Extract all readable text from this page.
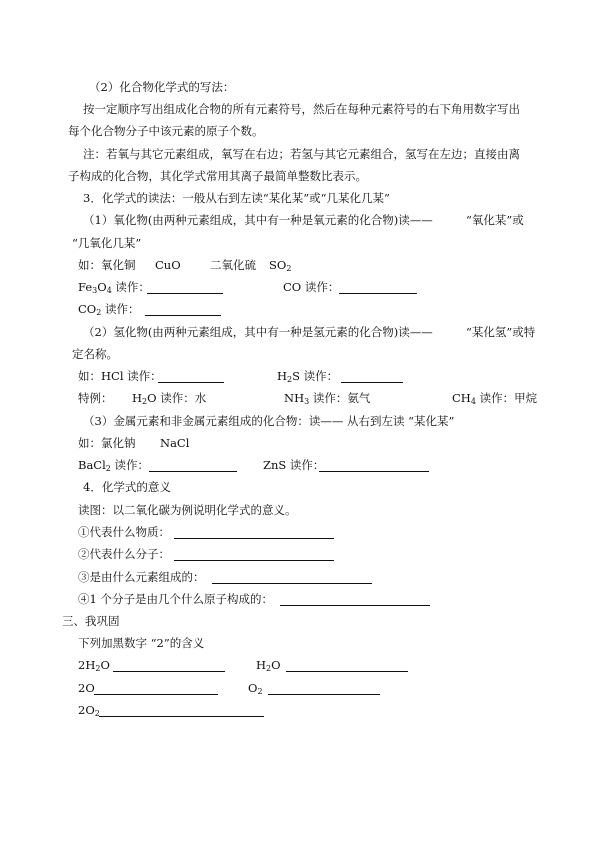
（2）化合物化学式的写法：
按一定顺序写出组成化合物的所有元素符号，然后在每种元素符号的右下角用数字写出
每个化合物分子中该元素的原子个数。
注：若氧与其它元素组成，氧写在右边；若氢与其它元素组合，氢写在左边；直接由离
子构成的化合物，其化学式常用其离子最简单整数比表示。
3．化学式的读法：一般从右到左读“某化某”或“几某化几某”
（1）氧化物(由两种元素组成，其中有一种是氧元素的化合物)读——	“氧化某”或
“几氧化几某”
如：氧化铜 CuO	二氧化硫 $SO_2$
$Fe_3O_4$ 读作：	CO 读作：
$CO_2$ 读作：
（2）氢化物(由两种元素组成，其中有一种是氢元素的化合物)读——	“某化氢”或特
定名称。
如：HCl 读作：	$H_2S$ 读作：
特例： $H_2O$ 读作：水	$NH_3$ 读作：氨气	$CH_4$ 读作：甲烷
（3）金属元素和非金属元素组成的化合物：读—— 从右到左读 “某化某”
如：氯化钠 NaCl
BaCl$_2$ 读作：	ZnS 读作：
4．化学式的意义
读图：以二氧化碳为例说明化学式的意义。
①代表什么物质：
②代表什么分子：
③是由什么元素组成的：
④1 个分子是由几个什么原子构成的：
三、我巩固
下列加黑数字 “2”的含义
$2H_2O$	$H_2O$
2O	$O_2$
$2O_2$
